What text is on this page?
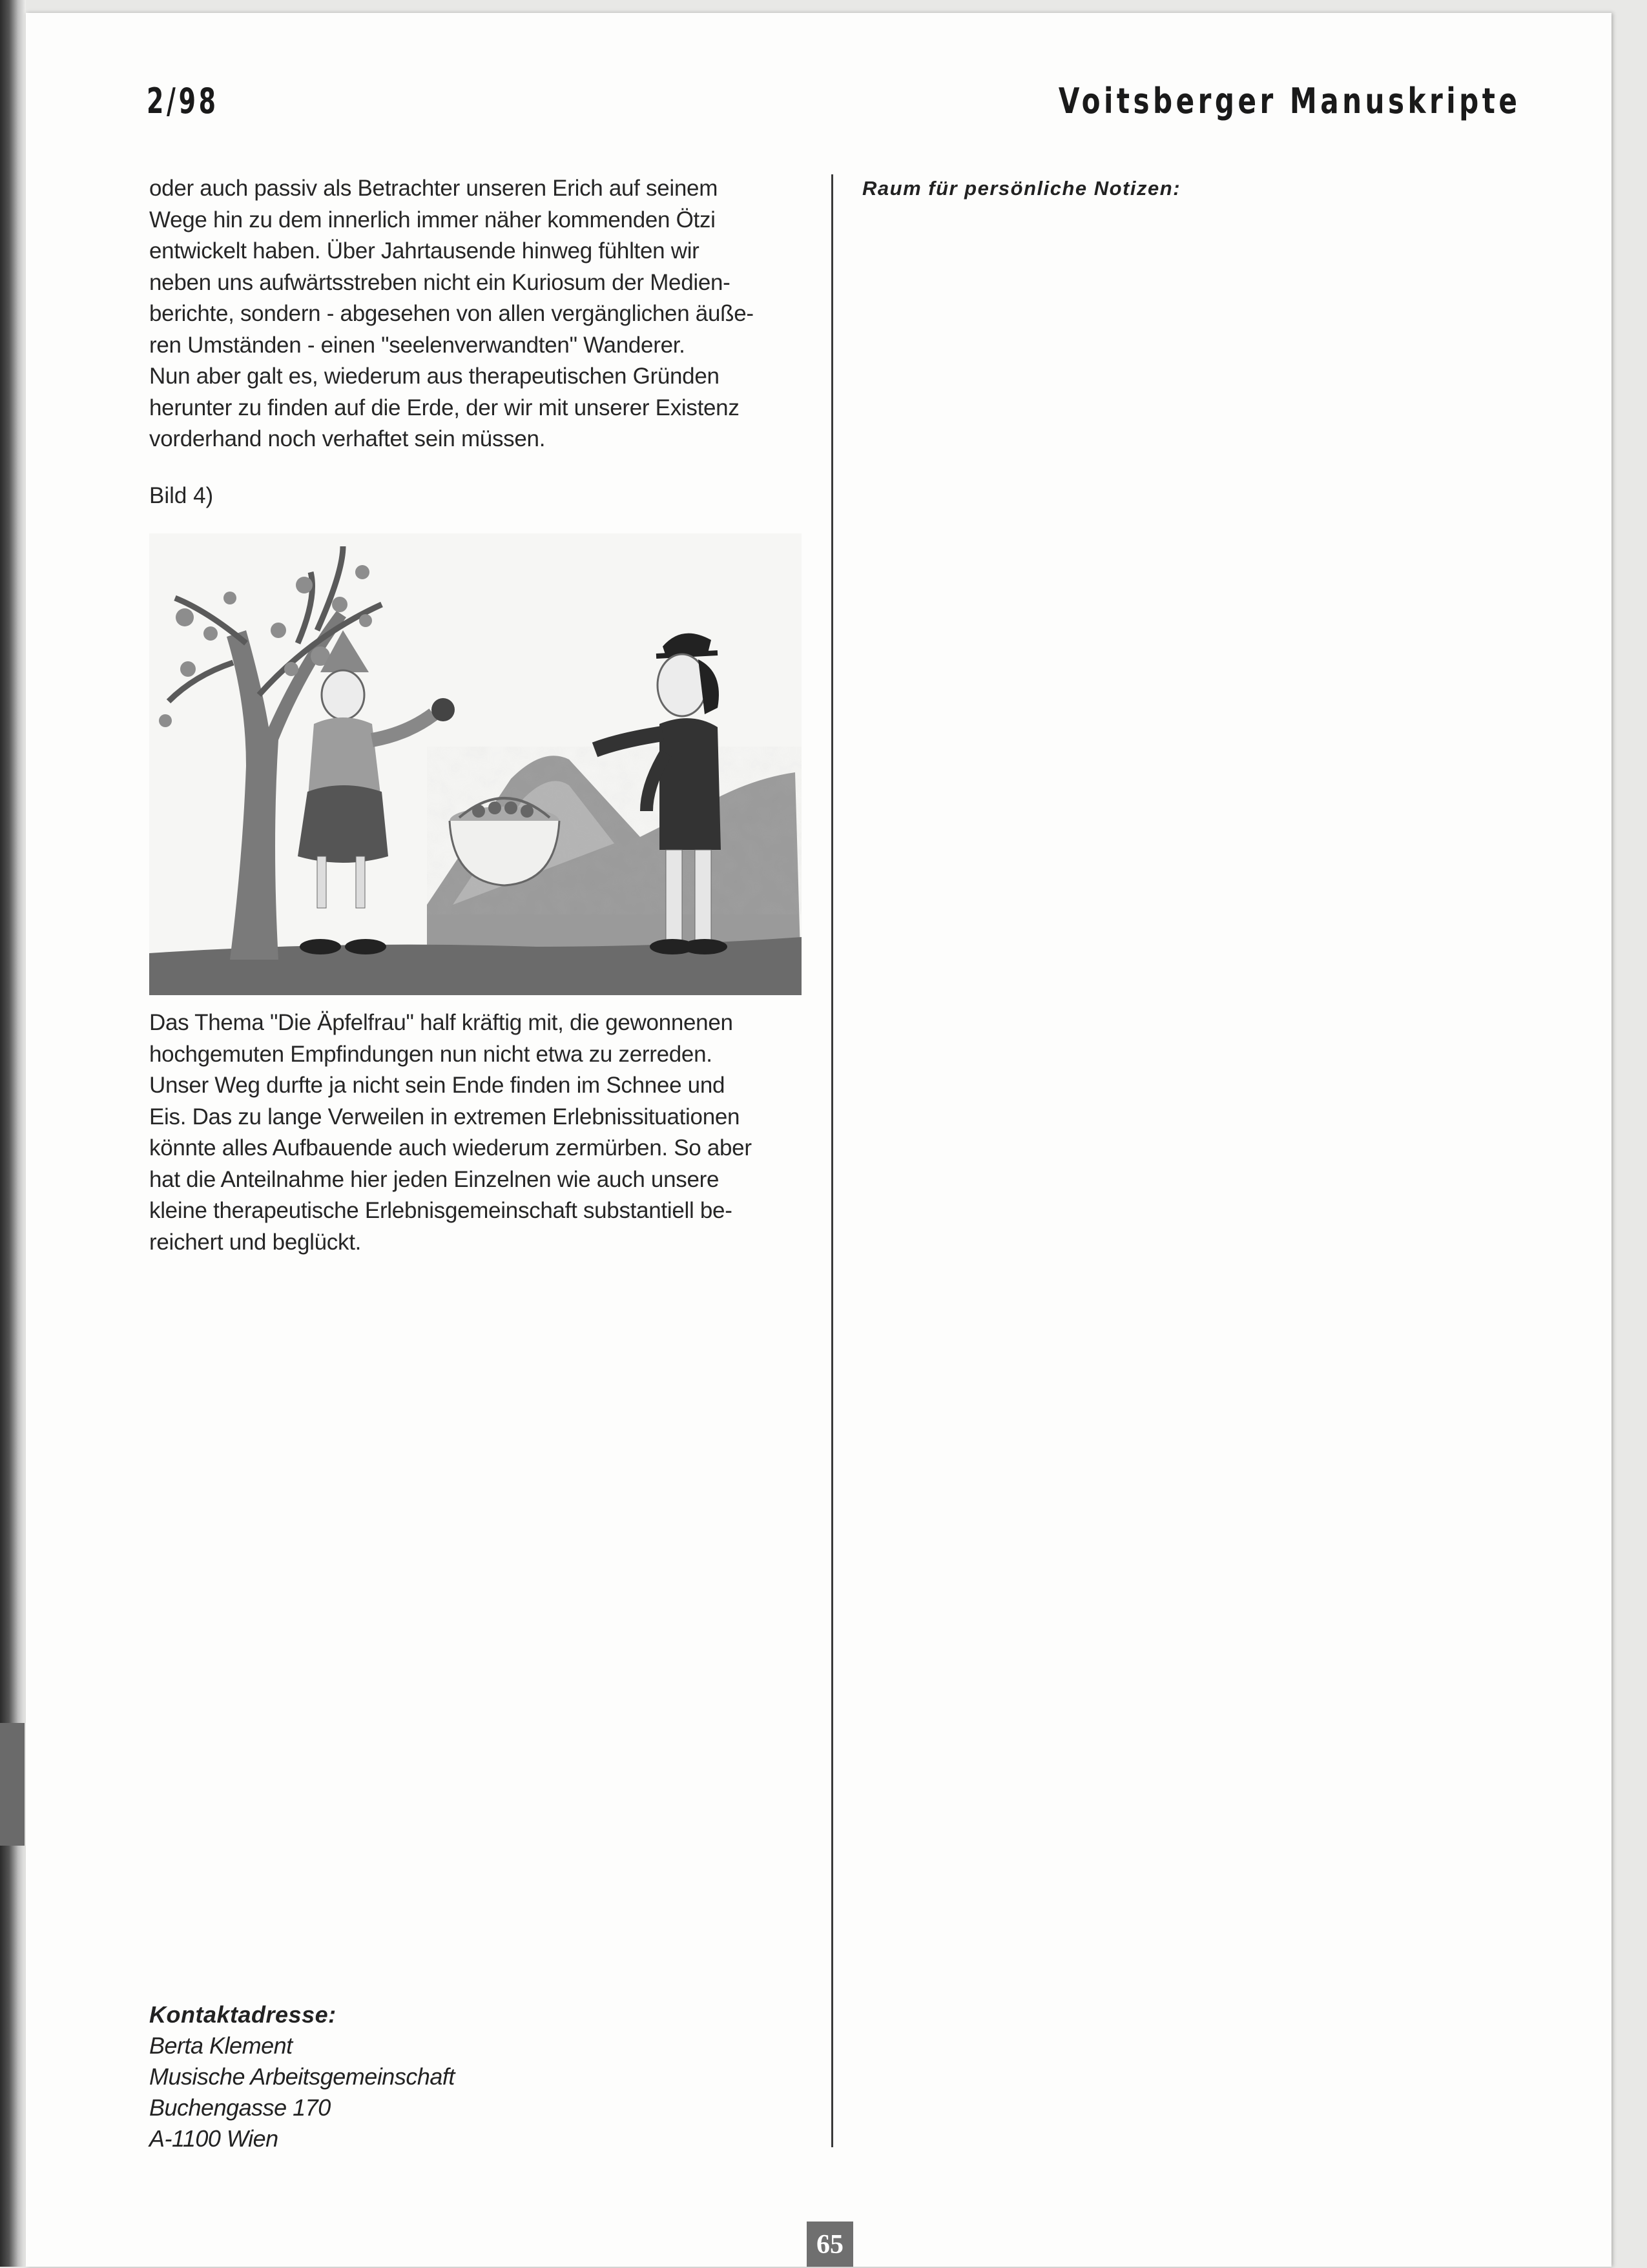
2/98	Voitsberger Manuskripte

oder auch passiv als Betrachter unseren Erich auf seinem
Wege hin zu dem innerlich immer näher kommenden Ötzi
entwickelt haben. Über Jahrtausende hinweg fühlten wir
neben uns aufwärtsstreben nicht ein Kuriosum der Medien-
berichte, sondern - abgesehen von allen vergänglichen äuße-
ren Umständen - einen "seelenverwandten" Wanderer.
Nun aber galt es, wiederum aus therapeutischen Gründen
herunter zu finden auf die Erde, der wir mit unserer Existenz
vorderhand noch verhaftet sein müssen.

Bild 4)

Das Thema "Die Äpfelfrau" half kräftig mit, die gewonnenen
hochgemuten Empfindungen nun nicht etwa zu zerreden.
Unser Weg durfte ja nicht sein Ende finden im Schnee und
Eis. Das zu lange Verweilen in extremen Erlebnissituationen
könnte alles Aufbauende auch wiederum zermürben. So aber
hat die Anteilnahme hier jeden Einzelnen wie auch unsere
kleine therapeutische Erlebnisgemeinschaft substantiell be-
reichert und beglückt.

Raum für persönliche Notizen:
Kontaktadresse:
Berta Klement
Musische Arbeitsgemeinschaft
Buchengasse 170
A-1100 Wien
65
